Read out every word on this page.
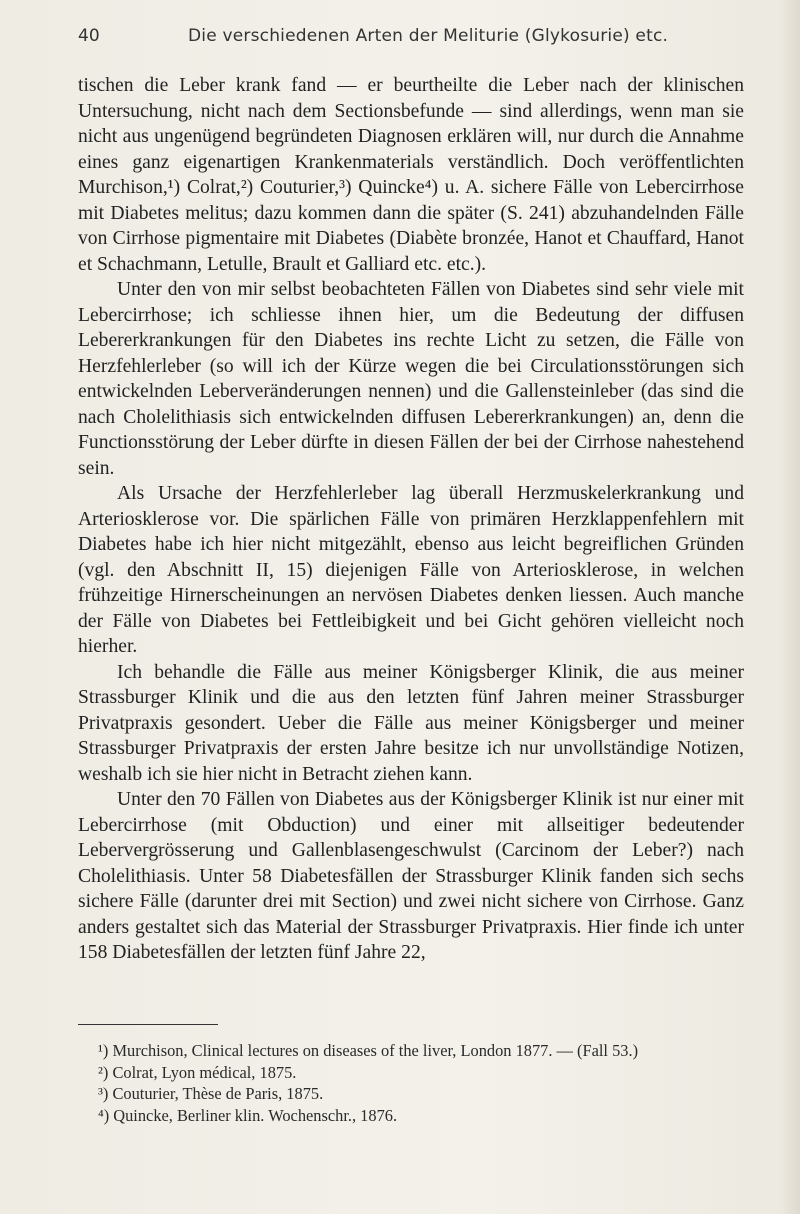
40	Die verschiedenen Arten der Meliturie (Glykosurie) etc.

tischen die Leber krank fand — er beurtheilte die Leber nach der klinischen Untersuchung, nicht nach dem Sectionsbefunde — sind allerdings, wenn man sie nicht aus ungenügend begründeten Diagnosen erklären will, nur durch die Annahme eines ganz eigenartigen Krankenmaterials verständlich. Doch veröffentlichten Murchison,¹) Colrat,²) Couturier,³) Quincke⁴) u. A. sichere Fälle von Lebercirrhose mit Diabetes melitus; dazu kommen dann die später (S. 241) abzuhandelnden Fälle von Cirrhose pigmentaire mit Diabetes (Diabète bronzée, Hanot et Chauffard, Hanot et Schachmann, Letulle, Brault et Galliard etc. etc.).

Unter den von mir selbst beobachteten Fällen von Diabetes sind sehr viele mit Lebercirrhose; ich schliesse ihnen hier, um die Bedeutung der diffusen Lebererkrankungen für den Diabetes ins rechte Licht zu setzen, die Fälle von Herzfehlerleber (so will ich der Kürze wegen die bei Circulationsstörungen sich entwickelnden Leberveränderungen nennen) und die Gallensteinleber (das sind die nach Cholelithiasis sich entwickelnden diffusen Lebererkrankungen) an, denn die Functionsstörung der Leber dürfte in diesen Fällen der bei der Cirrhose nahestehend sein.

Als Ursache der Herzfehlerleber lag überall Herzmuskelerkrankung und Arteriosklerose vor. Die spärlichen Fälle von primären Herzklappenfehlern mit Diabetes habe ich hier nicht mitgezählt, ebenso aus leicht begreiflichen Gründen (vgl. den Abschnitt II, 15) diejenigen Fälle von Arteriosklerose, in welchen frühzeitige Hirnerscheinungen an nervösen Diabetes denken liessen. Auch manche der Fälle von Diabetes bei Fettleibigkeit und bei Gicht gehören vielleicht noch hierher.

Ich behandle die Fälle aus meiner Königsberger Klinik, die aus meiner Strassburger Klinik und die aus den letzten fünf Jahren meiner Strassburger Privatpraxis gesondert. Ueber die Fälle aus meiner Königsberger und meiner Strassburger Privatpraxis der ersten Jahre besitze ich nur unvollständige Notizen, weshalb ich sie hier nicht in Betracht ziehen kann.

Unter den 70 Fällen von Diabetes aus der Königsberger Klinik ist nur einer mit Lebercirrhose (mit Obduction) und einer mit allseitiger bedeutender Lebervergrösserung und Gallenblasengeschwulst (Carcinom der Leber?) nach Cholelithiasis. Unter 58 Diabetesfällen der Strassburger Klinik fanden sich sechs sichere Fälle (darunter drei mit Section) und zwei nicht sichere von Cirrhose. Ganz anders gestaltet sich das Material der Strassburger Privatpraxis. Hier finde ich unter 158 Diabetesfällen der letzten fünf Jahre 22,

¹) Murchison, Clinical lectures on diseases of the liver, London 1877. — (Fall 53.)

²) Colrat, Lyon médical, 1875.

³) Couturier, Thèse de Paris, 1875.

⁴) Quincke, Berliner klin. Wochenschr., 1876.
